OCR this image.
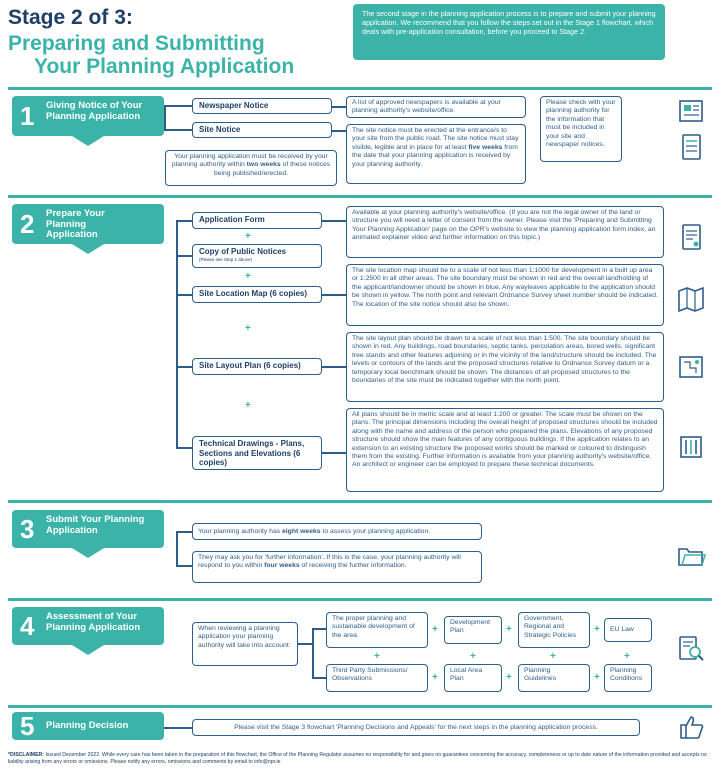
Stage 2 of 3:
Preparing and Submitting
Your Planning Application
The second stage in the planning application process is to prepare and submit your planning application. We recommend that you follow the steps set out in the Stage 1 flowchart, which deals with pre-application consultation, before you proceed to Stage 2.
1 Giving Notice of Your Planning Application
Newspaper Notice
Site Notice
A list of approved newspapers is available at your planning authority's website/office.
The site notice must be erected at the entrance/s to your site from the public road. The site notice must stay visible, legible and in place for at least five weeks from the date that your planning application is received by your planning authority.
Your planning application must be received by your planning authority within two weeks of these notices being published/erected.
Please check with your planning authority for the information that must be included in your site and newspaper notices.
2 Prepare Your Planning Application
Application Form
+
Copy of Public Notices
(Please see Step 1 above)
+
Site Location Map (6 copies)
+
Site Layout Plan (6 copies)
+
Technical Drawings - Plans, Sections and Elevations (6 copies)
Available at your planning authority's website/office. (If you are not the legal owner of the land or structure you will need a letter of consent from the owner. Please visit the 'Preparing and Submitting Your Planning Application' page on the OPR's website to view the planning application form index, an animated explainer video and further information on this topic.)
The site location map should be to a scale of not less than 1:1000 for development in a built up area or 1:2500 in all other areas. The site boundary must be shown in red and the overall landholding of the applicant/landowner should be shown in blue. Any wayleaves applicable to the application should be shown in yellow. The north point and relevant Ordnance Survey sheet number should be indicated. The location of the site notice should also be shown.
The site layout plan should be drawn to a scale of not less than 1:500. The site boundary should be shown in red. Any buildings, road boundaries, septic tanks, percolation areas, bored wells, significant tree stands and other features adjoining or in the vicinity of the land/structure should be included. The levels or contours of the lands and the proposed structures relative to Ordnance Survey datum or a temporary local benchmark should be shown. The distances of all proposed structures to the boundaries of the site must be indicated together with the north point.
All plans should be in metric scale and at least 1:200 or greater. The scale must be shown on the plans. The principal dimensions including the overall height of proposed structures should be included along with the name and address of the person who prepared the plans. Elevations of any proposed structure should show the main features of any contiguous buildings. If the application relates to an extension to an existing structure the proposed works should be marked or coloured to distinguish them from the existing. Further information is available from your planning authority's website/office. An architect or engineer can be employed to prepare these technical documents.
3 Submit Your Planning Application	Your planning authority has eight weeks to assess your planning application.
They may ask you for 'further information'. If this is the case, your planning authority will respond to you within four weeks of receiving the further information.
4 Assessment of Your Planning Application	When reviewing a planning application your planning authority will take into account:
The proper planning and sustainable development of the area
+
Development Plan	+
Government, Regional and Strategic Policies
+	EU Law
+	+	+	+
Third Party Submissions/ Observations	+
Local Area Plan	+
Planning Guidelines	+
Planning Conditions
5 Planning Decision	Please visit the Stage 3 flowchart 'Planning Decisions and Appeals' for the next steps in the planning application process.
*DISCLAIMER: Issued December 2022. While every care has been taken in the preparation of this flowchart, the Office of the Planning Regulator assumes no responsibility for and gives no guarantees concerning the accuracy, completeness or up to date nature of the information provided and accepts no liability arising from any errors or omissions. Please notify any errors, omissions and comments by email to info@opr.ie
